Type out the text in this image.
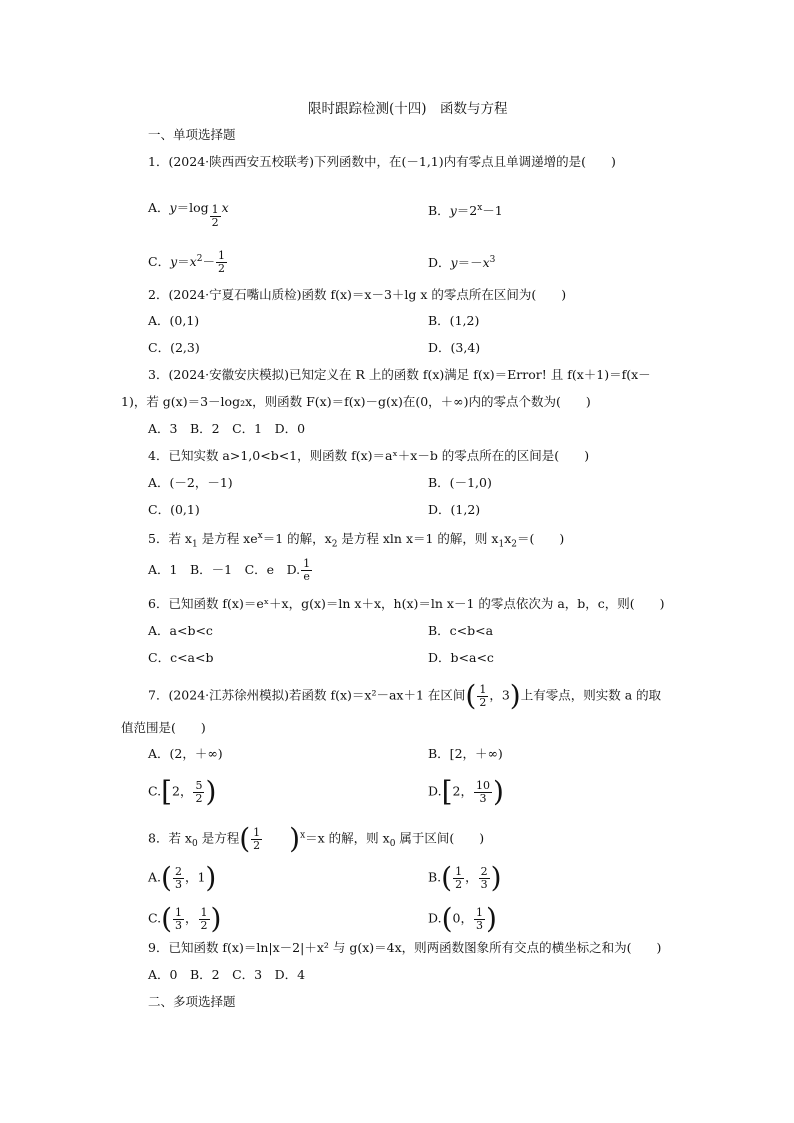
限时跟踪检测(十四)　函数与方程
一、单项选择题
1．(2024·陕西西安五校联考)下列函数中，在(－1,1)内有零点且单调递增的是(　　)
A．$y=\log \frac{1}{2}$ x	B．$y=2^x-1$
C．$y=x^2- \frac{1}{2}$	D．$y=-x^3$
2．(2024·宁夏石嘴山质检)函数 f(x)＝x－3＋lg x 的零点所在区间为(　　)
A．(0,1)	B．(1,2)
C．(2,3)	D．(3,4)
3．(2024·安徽安庆模拟)已知定义在 R 上的函数 f(x)满足 f(x)＝Error! 且 f(x＋1)＝f(x－
1)，若 g(x)＝3－log₂x，则函数 F(x)＝f(x)－g(x)在(0，＋∞)内的零点个数为(　　)
A．3　B．2　C．1　D．0
4．已知实数 a>1,0<b<1，则函数 f(x)＝aˣ＋x－b 的零点所在的区间是(　　)
A．(－2，－1)	B．(－1,0)
C．(0,1)	D．(1,2)
5．若 $x_1$ 是方程 $xe^x=1$ 的解，$x_2$ 是方程 xln x＝1 的解，则 $x_1x_2=$(　　)
A．1　B．－1　C．e　D. $\frac{1}{e}$
6．已知函数 f(x)＝eˣ＋x，g(x)＝ln x＋x，h(x)＝ln x－1 的零点依次为 a，b，c，则(　　)
A．a<b<c	B．c<b<a
C．c<a<b	D．b<a<c
7．(2024·江苏徐州模拟)若函数 f(x)＝x²－ax＋1 在区间( $\frac{1}{2}$ ，3)上有零点，则实数 a 的取
值范围是(　　)
A．(2，＋∞)	B．[2，＋∞)
C.[2， $\frac{5}{2}$ )	D.[2， $\frac{10}{3}$ )
8．若 $x_0$ 是方程( $\frac{1}{2} )^x=x$ 的解，则 $x_0$ 属于区间(　　)
$A.( \frac{2}{3}$ ，1)	$B.( \frac{1}{2}$ ， $\frac{2}{3}$ )
$C.( \frac{1}{3}$ ， $\frac{1}{2}$ )	D.(0， $\frac{1}{3}$ )
9．已知函数 f(x)＝ln|x－2|＋x² 与 g(x)＝4x，则两函数图象所有交点的横坐标之和为(　　)
A．0　B．2　C．3　D．4
二、多项选择题
